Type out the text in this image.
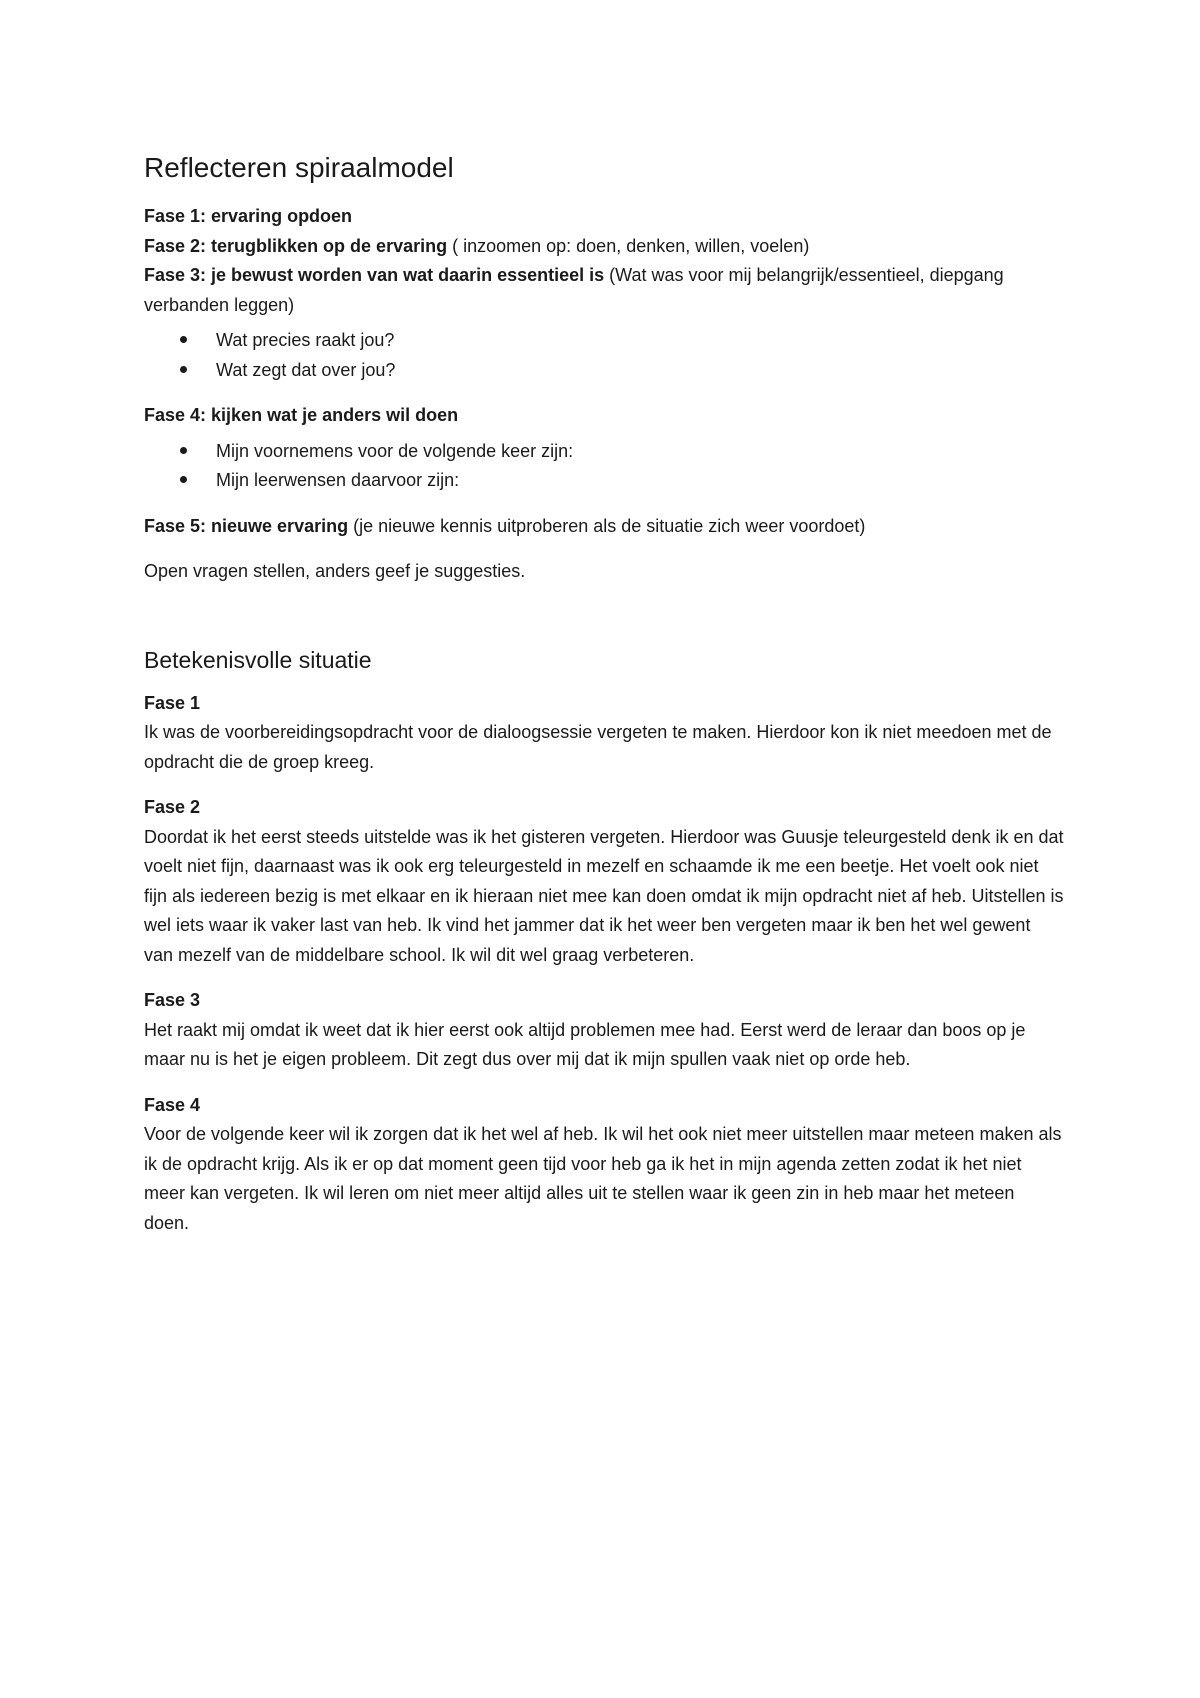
Reflecteren spiraalmodel

Fase 1: ervaring opdoen

Fase 2: terugblikken op de ervaring ( inzoomen op: doen, denken, willen, voelen)

Fase 3: je bewust worden van wat daarin essentieel is (Wat was voor mij belangrijk/essentieel, diepgang verbanden leggen)

Wat precies raakt jou?
Wat zegt dat over jou?

Fase 4: kijken wat je anders wil doen

Mijn voornemens voor de volgende keer zijn:
Mijn leerwensen daarvoor zijn:

Fase 5: nieuwe ervaring (je nieuwe kennis uitproberen als de situatie zich weer voordoet)

Open vragen stellen, anders geef je suggesties.

Betekenisvolle situatie
Fase 1

Ik was de voorbereidingsopdracht voor de dialoogsessie vergeten te maken. Hierdoor kon ik niet meedoen met de opdracht die de groep kreeg.

Fase 2

Doordat ik het eerst steeds uitstelde was ik het gisteren vergeten. Hierdoor was Guusje teleurgesteld denk ik en dat voelt niet fijn, daarnaast was ik ook erg teleurgesteld in mezelf en schaamde ik me een beetje. Het voelt ook niet fijn als iedereen bezig is met elkaar en ik hieraan niet mee kan doen omdat ik mijn opdracht niet af heb. Uitstellen is wel iets waar ik vaker last van heb. Ik vind het jammer dat ik het weer ben vergeten maar ik ben het wel gewent van mezelf van de middelbare school. Ik wil dit wel graag verbeteren.

Fase 3

Het raakt mij omdat ik weet dat ik hier eerst ook altijd problemen mee had. Eerst werd de leraar dan boos op je maar nu is het je eigen probleem. Dit zegt dus over mij dat ik mijn spullen vaak niet op orde heb.

Fase 4

Voor de volgende keer wil ik zorgen dat ik het wel af heb. Ik wil het ook niet meer uitstellen maar meteen maken als ik de opdracht krijg. Als ik er op dat moment geen tijd voor heb ga ik het in mijn agenda zetten zodat ik het niet meer kan vergeten. Ik wil leren om niet meer altijd alles uit te stellen waar ik geen zin in heb maar het meteen doen.
